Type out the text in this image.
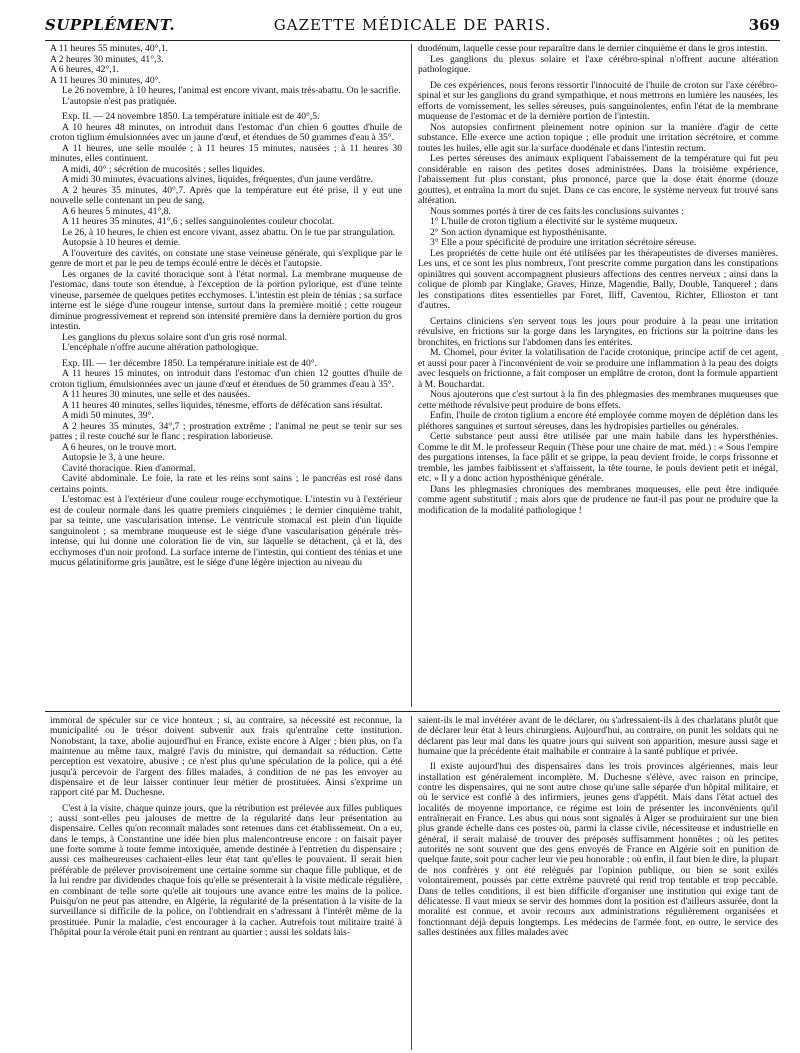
SUPPLÉMENT.	GAZETTE MÉDICALE DE PARIS.	369

A 11 heures 55 minutes, 40°,1.

A 2 heures 30 minutes, 41°,3.

A 6 heures, 42°,1.

A 11 heures 30 minutes, 40°.

Le 26 novembre, à 10 heures, l'animal est encore vivant, mais très-abattu. On le sacrifie.

L'autopsie n'est pas pratiquée.

Exp. II. — 24 novembre 1850. La température initiale est de 40°,5.

A 10 heures 48 minutes, on introduit dans l'estomac d'un chien 6 gouttes d'huile de croton tiglium émulsionnées avec un jaune d'œuf, et étendues de 50 grammes d'eau à 35°.

A 11 heures, une selle moulée ; à 11 heures 15 minutes, nausées ; à 11 heures 30 minutes, elles continuent.

A midi, 40° ; sécrétion de mucosités ; selles liquides.

A midi 30 minutes, évacuations alvines, liquides, fréquentes, d'un jaune verdâtre.

A 2 heures 35 minutes, 40°,7. Après que la température eut été prise, il y eut une nouvelle selle contenant un peu de sang.

A 6 heures 5 minutes, 41°,8.

A 11 heures 35 minutes, 41°,6 ; selles sanguinolentes couleur chocolat.

Le 26, à 10 heures, le chien est encore vivant, assez abattu. On le tue par strangulation.

Autopsie à 10 heures et demie.

A l'ouverture des cavités, on constate une stase veineuse générale, qui s'explique par le genre de mort et par le peu de temps écoulé entre le décès et l'autopsie.

Les organes de la cavité thoracique sont à l'état normal. La membrane muqueuse de l'estomac, dans toute son étendue, à l'exception de la portion pylorique, est d'une teinte vineuse, parsemée de quelques petites ecchymoses. L'intestin est plein de ténias ; sa surface interne est le siége d'une rougeur intense, surtout dans la première moitié ; cette rougeur diminue progressivement et reprend son intensité première dans la dernière portion du gros intestin.

Les ganglions du plexus solaire sont d'un gris rosé normal.

L'encéphale n'offre aucune altération pathologique.

Exp. III. — 1er décembre 1850. La température initiale est de 40°.

A 11 heures 15 minutes, on introduit dans l'estomac d'un chien 12 gouttes d'huile de croton tiglium, émulsionnées avec un jaune d'œuf et étendues de 50 grammes d'eau à 35°.

A 11 heures 30 minutes, une selle et des nausées.

A 11 heures 40 minutes, selles liquides, ténesme, efforts de défécation sans résultat.

A midi 50 minutes, 39°.

A 2 heures 35 minutes, 34°,7 ; prostration extrême ; l'animal ne peut se tenir sur ses pattes ; il reste couché sur le flanc ; respiration laborieuse.

A 6 heures, on le trouve mort.

Autopsie le 3, à une heure.

Cavité thoracique. Rien d'anormal.

Cavité abdominale. Le foie, la rate et les reins sont sains ; le pancréas est rosé dans certains points.

L'estomac est à l'extérieur d'une couleur rouge ecchymotique. L'intestin vu à l'extérieur est de couleur normale dans les quatre premiers cinquièmes ; le dernier cinquième trahit, par sa teinte, une vascularisation intense. Le ventricule stomacal est plein d'un liquide sanguinolent ; sa membrane muqueuse est le siége d'une vascularisation générale très-intense, qui lui donne une coloration lie de vin, sur laquelle se détachent, çà et là, des ecchymoses d'un noir profond. La surface interne de l'intestin, qui contient des ténias et une mucus gélatiniforme gris jaunâtre, est le siége d'une légère injection au niveau du

duodénum, laquelle cesse pour reparaître dans le dernier cinquième et dans le gros intestin.

Les ganglions du plexus solaire et l'axe cérébro-spinal n'offrent aucune altération pathologique.

De ces expériences, nous ferons ressortir l'innocuité de l'huile de croton sur l'axe cérébro-spinal et sur les ganglions du grand sympathique, et nous mettrons en lumière les nausées, les efforts de vomissement, les selles séreuses, puis sanguinolentes, enfin l'état de la membrane muqueuse de l'estomac et de la dernière portion de l'intestin.

Nos autopsies confirment pleinement notre opinion sur la manière d'agir de cette substance. Elle exerce une action topique ; elle produit une irritation sécrétoire, et comme toutes les huiles, elle agit sur la surface duodénale et dans l'intestin rectum.

Les pertes séreuses des animaux expliquent l'abaissement de la température qui fut peu considérable en raison des petites doses administrées. Dans la troisième expérience, l'abaissement fut plus constant, plus prononcé, parce que la dose était énorme (douze gouttes), et entraîna la mort du sujet. Dans ce cas encore, le système nerveux fut trouvé sans altération.

Nous sommes portés à tirer de ces faits les conclusions suivantes :

1° L'huile de croton tiglium a électivité sur le système muqueux.

2° Son action dynamique est hyposthénisante.

3° Elle a pour spécificité de produire une irritation sécrétoire séreuse.

Les propriétés de cette huile ont été utilisées par les thérapeutistes de diverses manières. Les uns, et ce sont les plus nombreux, l'ont prescrite comme purgation dans les constipations opiniâtres qui souvent accompagnent plusieurs affections des centres nerveux ; ainsi dans la colique de plomb par Kinglake, Graves, Hinze, Magendie, Bally, Double, Tanquerel ; dans les constipations dites essentielles par Foret, Iliff, Caventou, Richter, Ellioston et tant d'autres.

Certains cliniciens s'en servent tous les jours pour produire à la peau une irritation révulsive, en frictions sur la gorge dans les laryngites, en frictions sur la poitrine dans les bronchites, en frictions sur l'abdomen dans les entérites.

M. Chomel, pour éviter la volatilisation de l'acide crotonique, principe actif de cet agent, et aussi pour parer à l'inconvénient de voir se produire une inflammation à la peau des doigts avec lesquels on frictionne, a fait composer un emplâtre de croton, dont la formule appartient à M. Bouchardat.

Nous ajouterons que c'est surtout à la fin des phlegmasies des membranes muqueuses que cette méthode révulsive peut produire de bons effets.

Enfin, l'huile de croton tiglium a encore été employée comme moyen de déplétion dans les pléthores sanguines et surtout séreuses, dans les hydropisies partielles ou générales.

Cette substance peut aussi être utilisée par une main habile dans les hypersthénies. Comme le dit M. le professeur Requin (Thèse pour une chaire de mat. méd.) : « Sous l'empire des purgations intenses, la face pâlit et se grippe, la peau devient froide, le corps frissonne et tremble, les jambes faiblissent et s'affaissent, la tête tourne, le pouls devient petit et inégal, etc. » Il y a donc action hyposthénique générale.

Dans les phlegmasies chroniques des membranes muqueuses, elle peut être indiquée comme agent substitutif ; mais alors que de prudence ne faut-il pas pour ne produire que la modification de la modalité pathologique !

immoral de spéculer sur ce vice honteux ; si, au contraire, sa nécessité est reconnue, la municipalité ou le trésor doivent subvenir aux frais qu'entraîne cette institution. Nonobstant, la taxe, abolie aujourd'hui en France, existe encore à Alger ; bien plus, on l'a maintenue au même taux, malgré l'avis du ministre, qui demandait sa réduction. Cette perception est vexatoire, abusive ; ce n'est plus qu'une spéculation de la police, qui a été jusqu'à percevoir de l'argent des filles malades, à condition de ne pas les envoyer au dispensaire et de leur laisser continuer leur métier de prostituées. Ainsi s'exprime un rapport cité par M. Duchesne.

C'est à la visite, chaque quinze jours, que la rétribution est prélevée aux filles publiques ; aussi sont-elles peu jalouses de mettre de la régularité dans leur présentation au dispensaire. Celles qu'on reconnaît malades sont retenues dans cet établissement. On a eu, dans le temps, à Constantine une idée bien plus malencontreuse encore : on faisait payer une forte somme à toute femme intoxiquée, amende destinée à l'entretien du dispensaire ; aussi ces malheureuses cachaient-elles leur état tant qu'elles le pouvaient. Il serait bien préférable de prélever provisoirement une certaine somme sur chaque fille publique, et de la lui rendre par dividendes chaque fois qu'elle se présenterait à la visite médicale régulière, en combinant de telle sorte qu'elle ait toujours une avance entre les mains de la police. Puisqu'on ne peut pas attendre, en Algérie, la régularité de la présentation à la visite de la surveillance si difficile de la police, on l'obtiendrait en s'adressant à l'intérêt même de la prostituée. Punir la maladie, c'est encourager à la cacher. Autrefois tout militaire traité à l'hôpital pour la vérole était puni en rentrant au quartier ; aussi les soldats lais-

saient-ils le mal invétérer avant de le déclarer, ou s'adressaient-ils à des charlatans plutôt que de déclarer leur état à leurs chirurgiens. Aujourd'hui, au contraire, on punit les soldats qui ne déclarent pas leur mal dans les quatre jours qui suivent son apparition, mesure aussi sage et humaine que la précédente était malhabile et contraire à la santé publique et privée.

Il existe aujourd'hui des dispensaires dans les trois provinces algériennes, mais leur installation est généralement incomplète. M. Duchesne s'élève, avec raison en principe, contre les dispensaires, qui ne sont autre chose qu'une salle séparée d'un hôpital militaire, et où le service est confié à des infirmiers, jeunes gens d'appétit. Mais dans l'état actuel des localités de moyenne importance, ce régime est loin de présenter les inconvénients qu'il entraînerait en France. Les abus qui nous sont signalés à Alger se produiraient sur une bien plus grande échelle dans ces postes où, parmi la classe civile, nécessiteuse et industrielle en général, il serait malaisé de trouver des préposés suffisamment honnêtes ; où les petites autorités ne sont souvent que des gens envoyés de France en Algérie soit en punition de quelque faute, soit pour cacher leur vie peu honorable ; où enfin, il faut bien le dire, la plupart de nos confrères y ont été relégués par l'opinion publique, ou bien se sont exilés volontairement, poussés par cette extrême pauvreté qui rend trop tentable et trop peccable. Dans de telles conditions, il est bien difficile d'organiser une institution qui exige tant de délicatesse. Il vaut mieux se servir des hommes dont la position est d'ailleurs assurée, dont la moralité est connue, et avoir recours aux administrations régulièrement organisées et fonctionnant déjà depuis longtemps. Les médecins de l'armée font, en outre, le service des salles destinées aux filles malades avec
